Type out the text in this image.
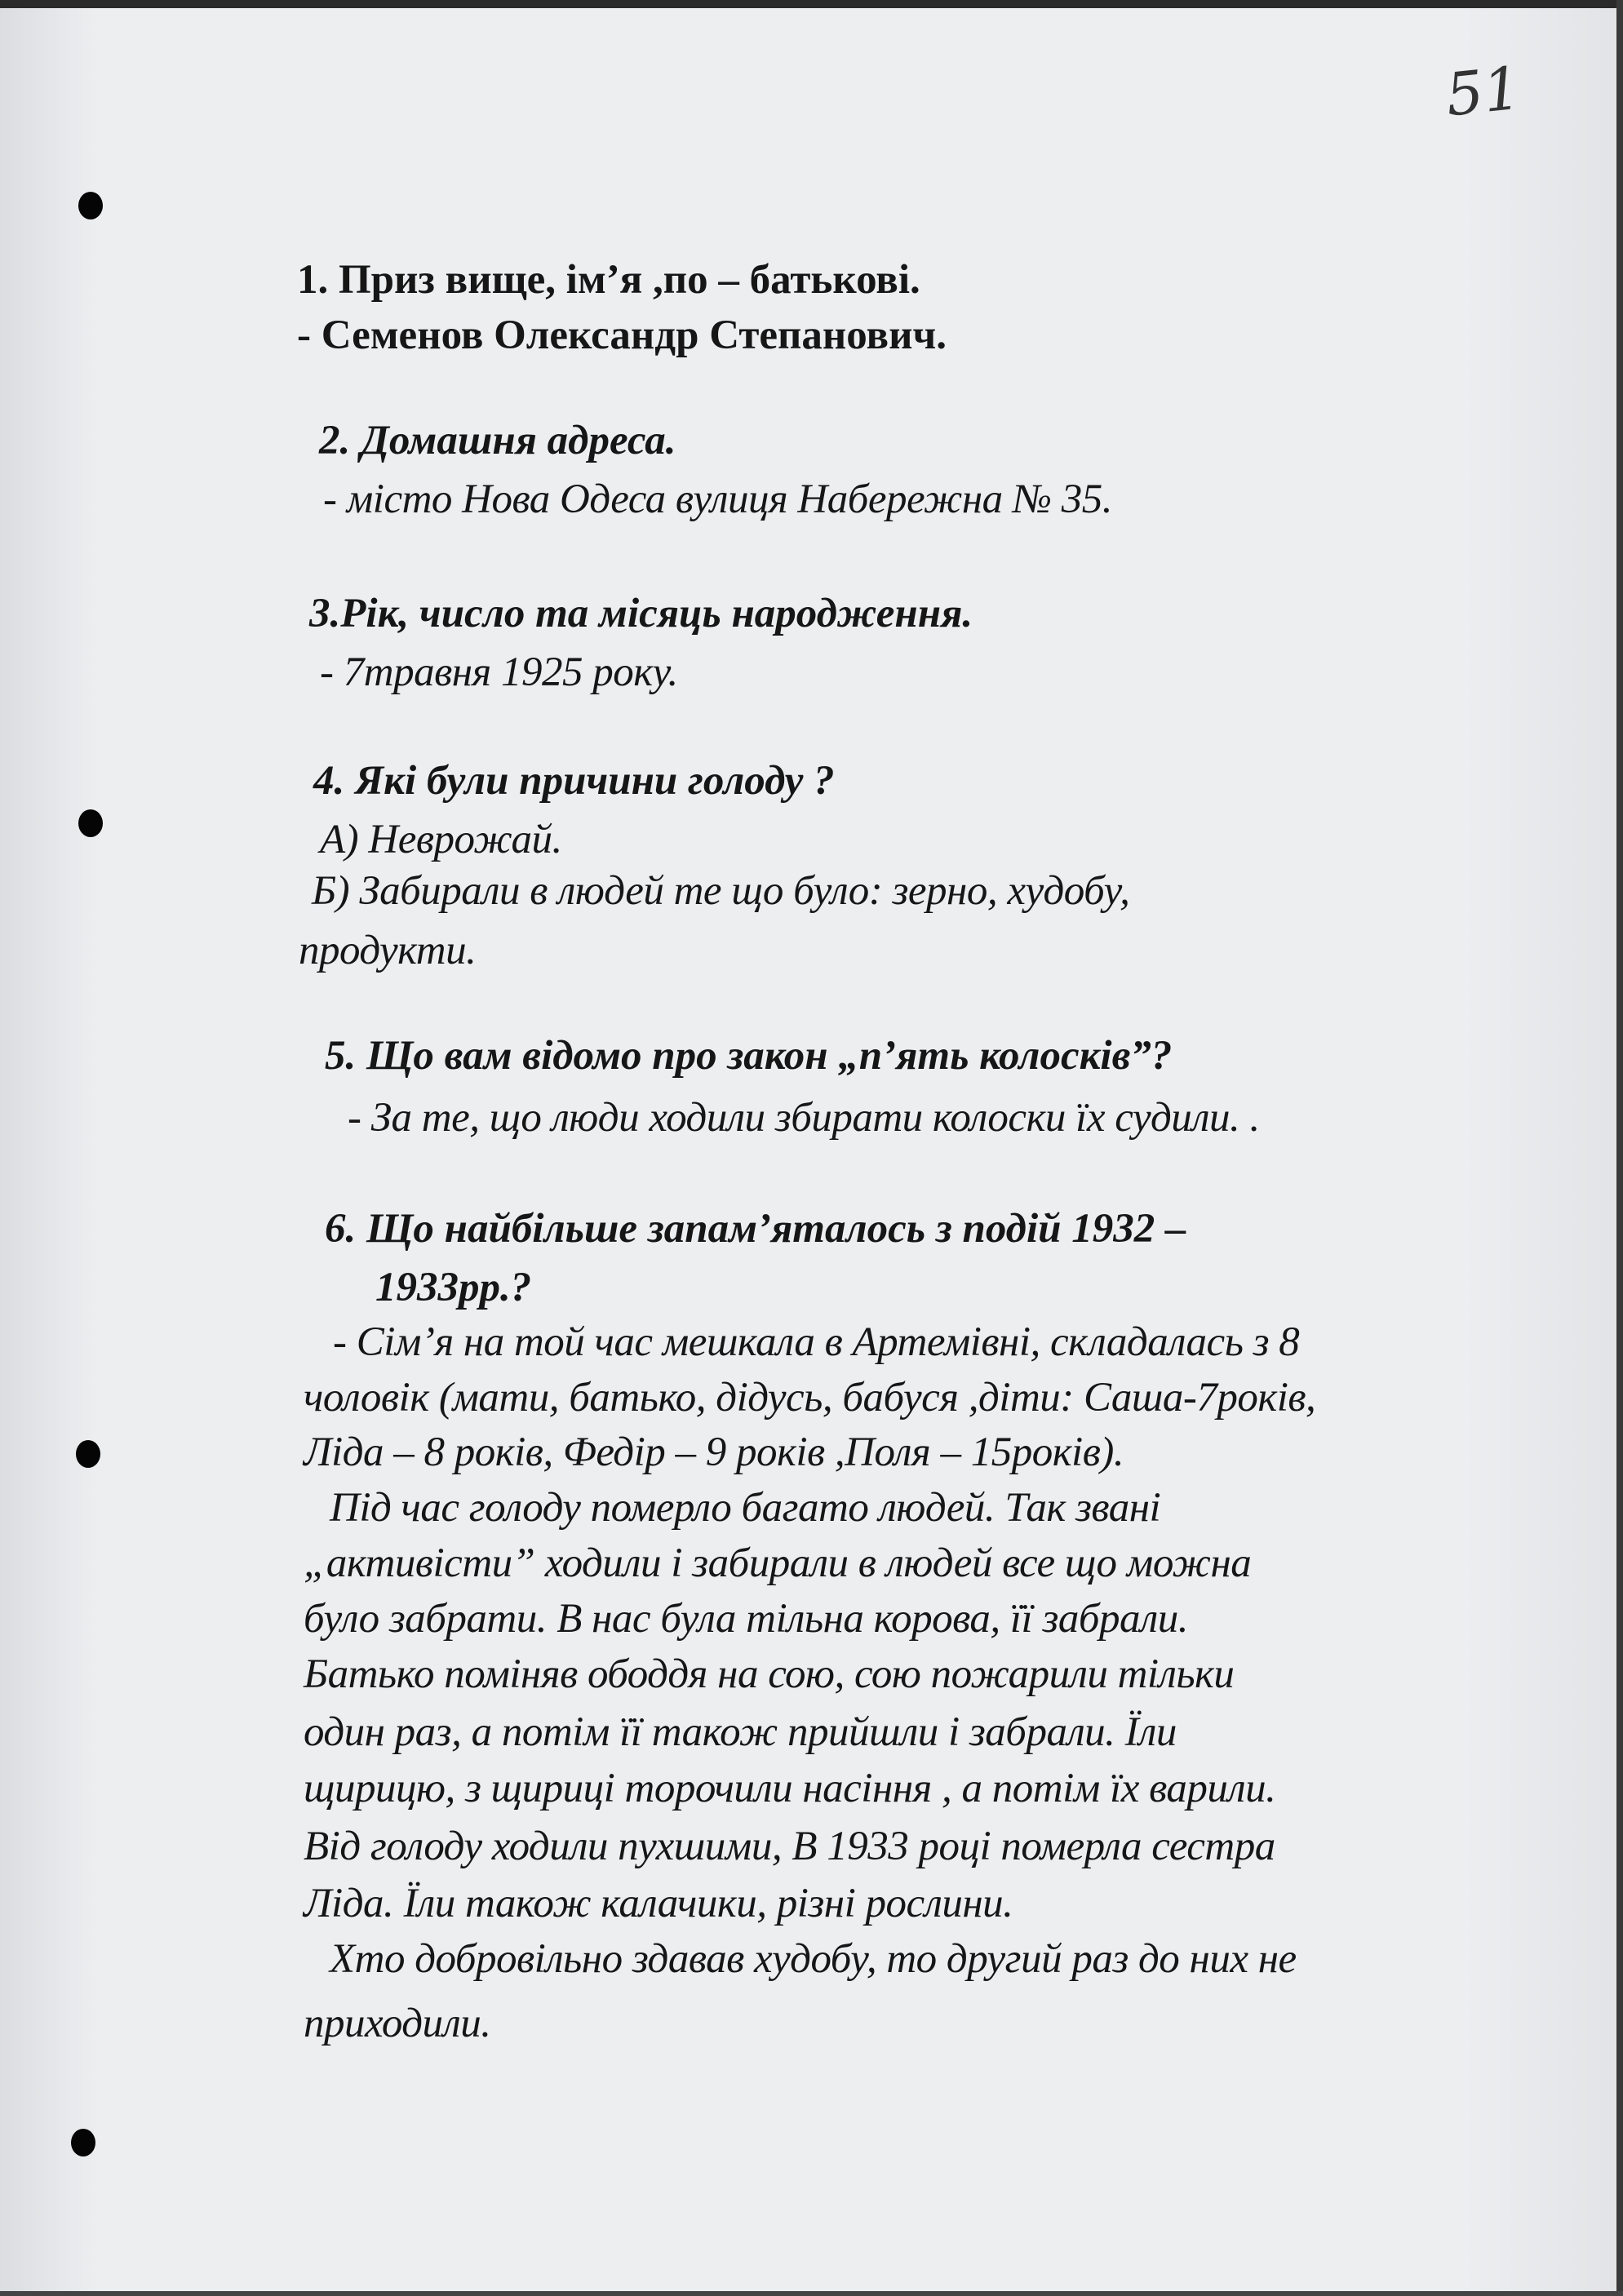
51
1. Приз вище, ім’я ,по – батькові.
- Семенов Олександр Степанович.
2. Домашня адреса.
- місто Нова Одеса вулиця Набережна № 35.
3.Рік, число та місяць народження.
- 7травня 1925 року.
4. Які були причини голоду ?
А) Неврожай.
Б) Забирали в людей те що було: зерно, худобу,
продукти.
5. Що вам відомо про закон „п’ять колосків”?
- За те, що люди ходили збирати колоски їх судили. .
6. Що найбільше запам’яталось з подій 1932 –
1933рр.?
- Сім’я на той час мешкала в Артемівні, складалась з 8
чоловік (мати, батько, дідусь, бабуся ,діти: Саша-7років,
Ліда – 8 років, Федір – 9 років ,Поля – 15років).
Під час голоду померло багато людей. Так звані
„активісти” ходили і забирали в людей все що можна
було забрати. В нас була тільна корова, її забрали.
Батько поміняв ободдя на сою, сою пожарили тільки
один раз, а потім її також прийшли і забрали. Їли
щирицю, з щириці торочили насіння , а потім їх варили.
Від голоду ходили пухшими, В 1933 році померла сестра
Ліда. Їли також калачики, різні рослини.
Хто добровільно здавав худобу, то другий раз до них не
приходили.
